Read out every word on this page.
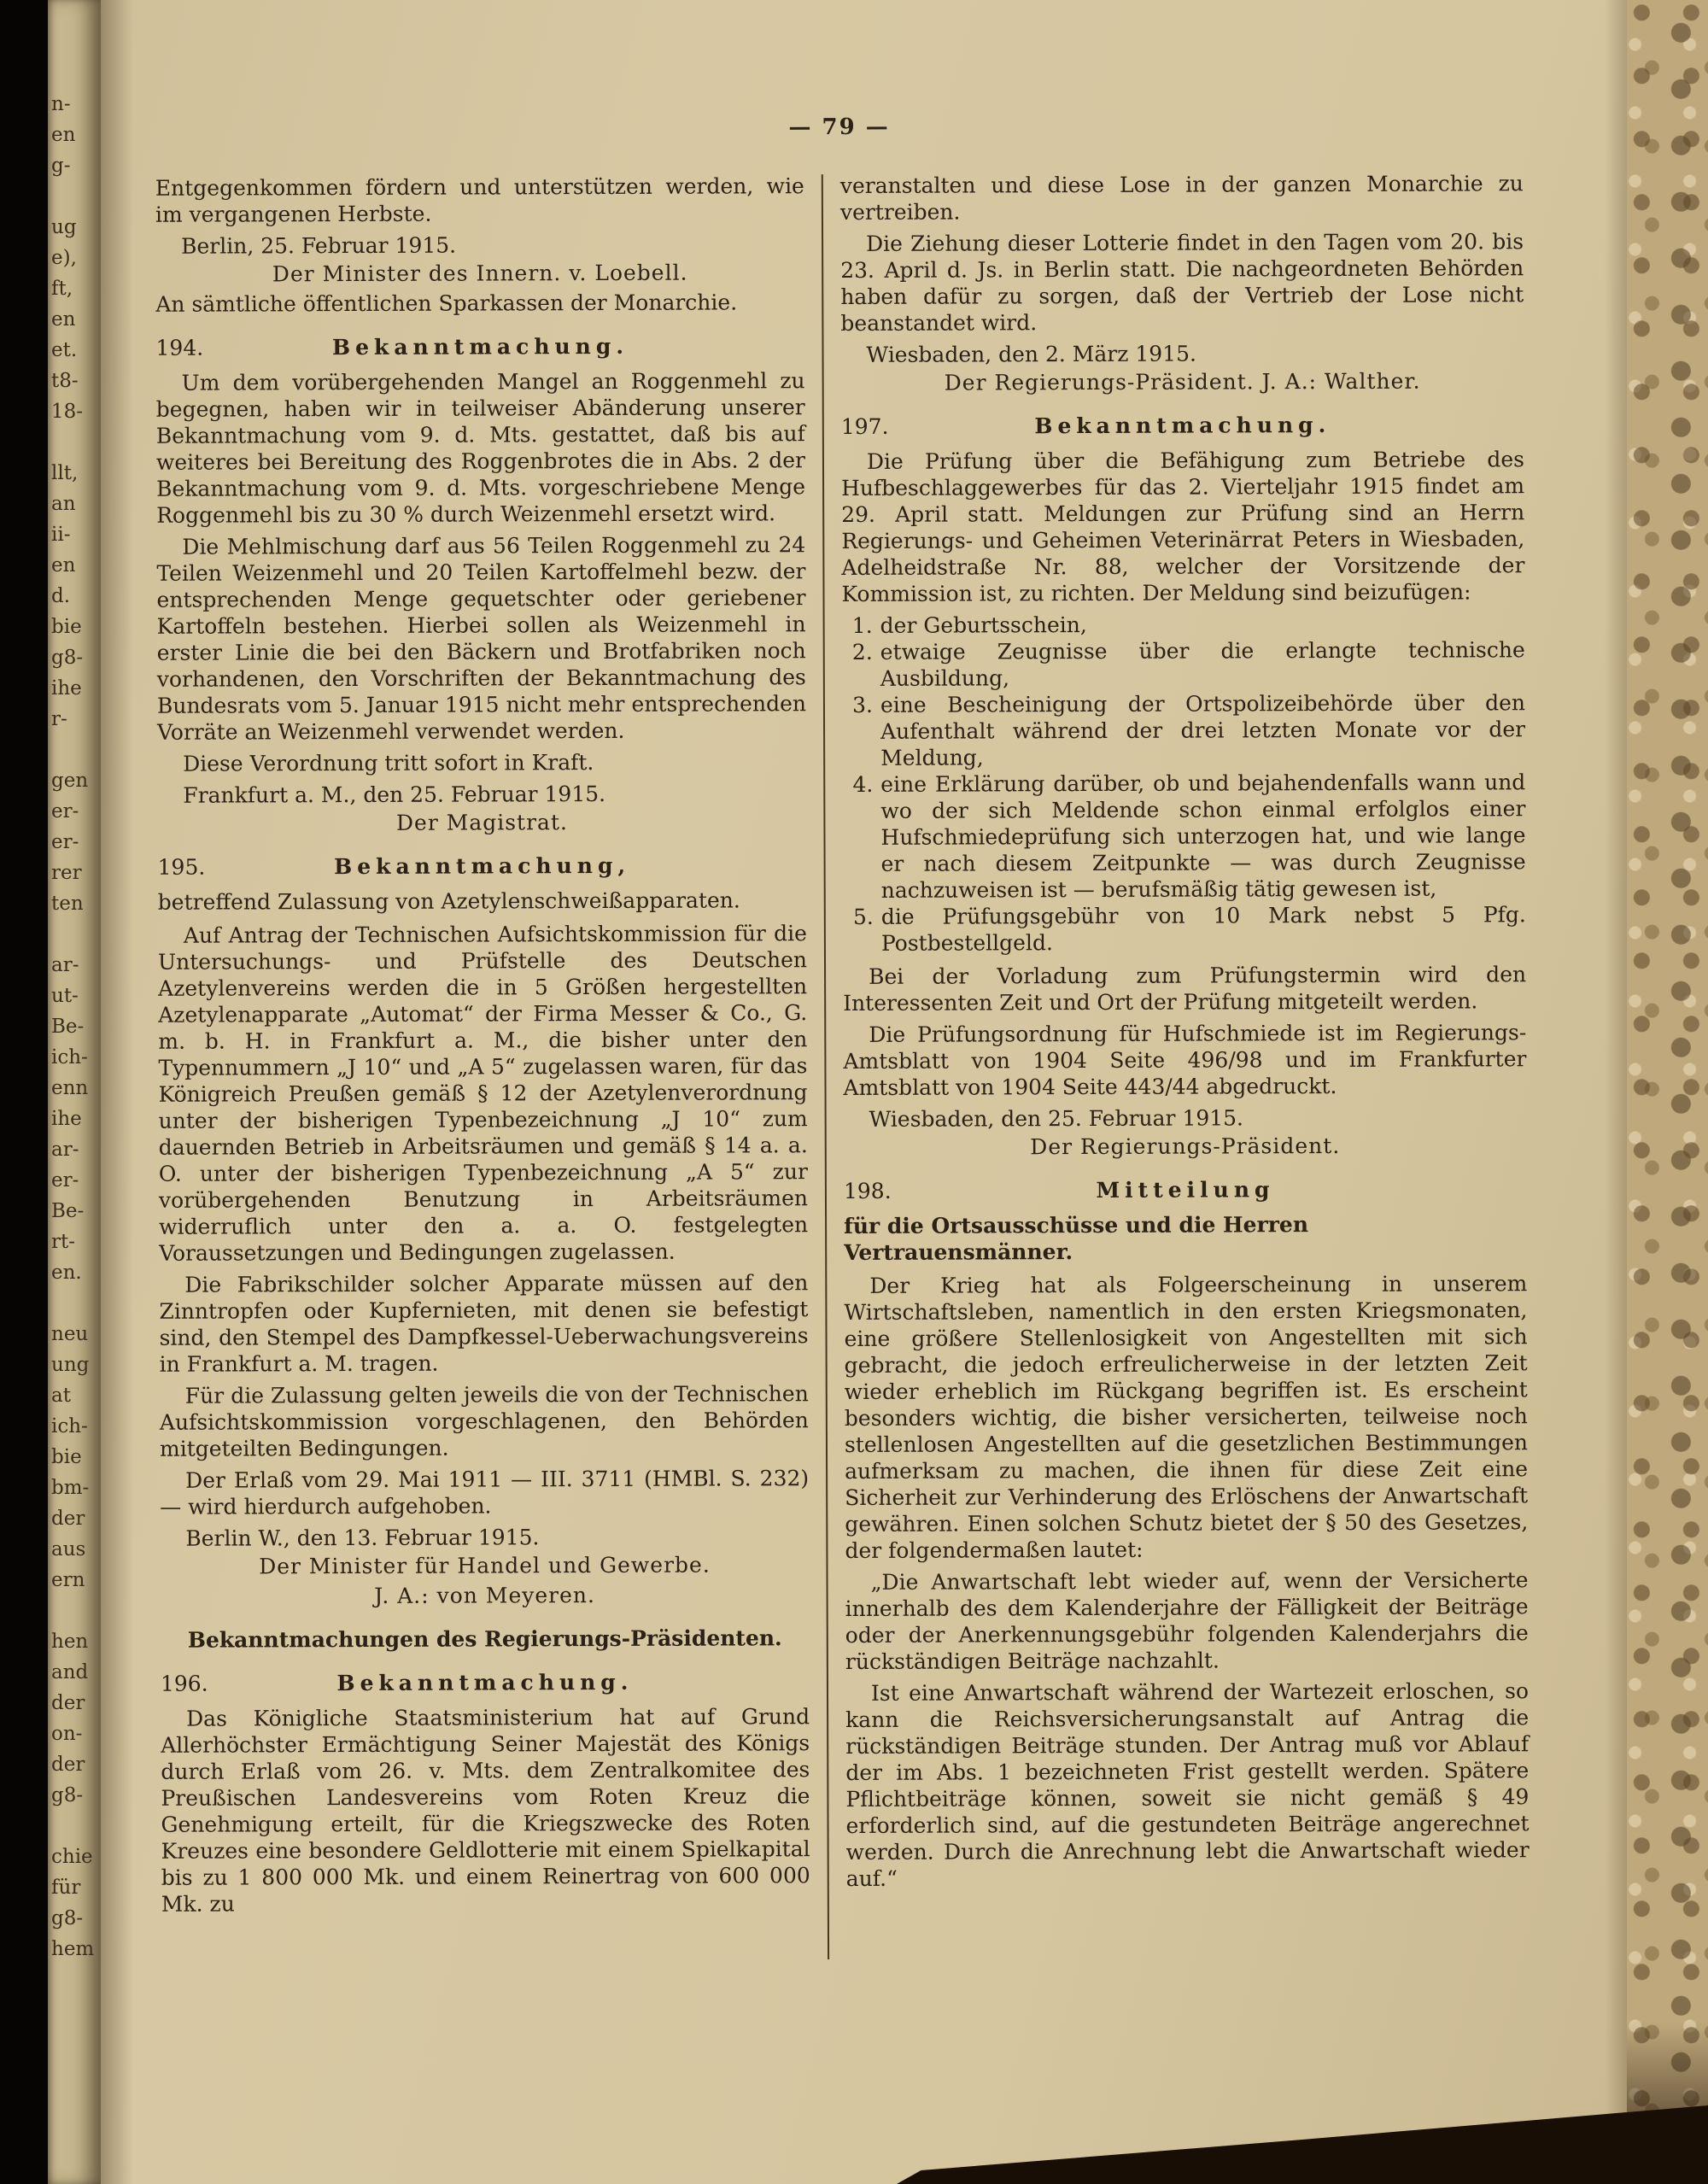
n-
en
g-
ug
e),
ft,
en
et.
t8-
18-
llt,
an
ii-
en
d.
bie
g8-
ihe
r-
gen
er-
er-
rer
ten
ar-
ut-
Be-
ich-
enn
ihe
ar-
er-
Be-
rt-
en.
neu
ung
at
ich-
bie
bm-
der
aus
ern
hen
and
der
on-
der
g8-
chie
für
g8-
hem
— 79 —

Entgegenkommen fördern und unterstützen werden, wie im vergangenen Herbste.

Berlin, 25. Februar 1915.

Der Minister des Innern. v. Loebell.

An sämtliche öffentlichen Sparkassen der Monarchie.

194.	Bekanntmachung.

Um dem vorübergehenden Mangel an Roggenmehl zu begegnen, haben wir in teilweiser Abänderung unserer Bekanntmachung vom 9. d. Mts. gestattet, daß bis auf weiteres bei Bereitung des Roggenbrotes die in Abs. 2 der Bekanntmachung vom 9. d. Mts. vorgeschriebene Menge Roggenmehl bis zu 30 % durch Weizenmehl ersetzt wird.

Die Mehlmischung darf aus 56 Teilen Roggenmehl zu 24 Teilen Weizenmehl und 20 Teilen Kartoffelmehl bezw. der entsprechenden Menge gequetschter oder geriebener Kartoffeln bestehen. Hierbei sollen als Weizenmehl in erster Linie die bei den Bäckern und Brotfabriken noch vorhandenen, den Vorschriften der Bekanntmachung des Bundesrats vom 5. Januar 1915 nicht mehr entsprechenden Vorräte an Weizenmehl verwendet werden.

Diese Verordnung tritt sofort in Kraft.

Frankfurt a. M., den 25. Februar 1915.

Der Magistrat.

195.	Bekanntmachung,

betreffend Zulassung von Azetylenschweißapparaten.

Auf Antrag der Technischen Aufsichtskommission für die Untersuchungs- und Prüfstelle des Deutschen Azetylenvereins werden die in 5 Größen hergestellten Azetylenapparate „Automat“ der Firma Messer & Co., G. m. b. H. in Frankfurt a. M., die bisher unter den Typennummern „J 10“ und „A 5“ zugelassen waren, für das Königreich Preußen gemäß § 12 der Azetylenverordnung unter der bisherigen Typenbezeichnung „J 10“ zum dauernden Betrieb in Arbeitsräumen und gemäß § 14 a. a. O. unter der bisherigen Typenbezeichnung „A 5“ zur vorübergehenden Benutzung in Arbeitsräumen widerruflich unter den a. a. O. festgelegten Voraussetzungen und Bedingungen zugelassen.

Die Fabrikschilder solcher Apparate müssen auf den Zinntropfen oder Kupfernieten, mit denen sie befestigt sind, den Stempel des Dampfkessel-Ueberwachungsvereins in Frankfurt a. M. tragen.

Für die Zulassung gelten jeweils die von der Technischen Aufsichtskommission vorgeschlagenen, den Behörden mitgeteilten Bedingungen.

Der Erlaß vom 29. Mai 1911 — III. 3711 (HMBl. S. 232) — wird hierdurch aufgehoben.

Berlin W., den 13. Februar 1915.

Der Minister für Handel und Gewerbe.

J. A.: von Meyeren.

Bekanntmachungen des Regierungs-Präsidenten.

196.	Bekanntmachung.

Das Königliche Staatsministerium hat auf Grund Allerhöchster Ermächtigung Seiner Majestät des Königs durch Erlaß vom 26. v. Mts. dem Zentralkomitee des Preußischen Landesvereins vom Roten Kreuz die Genehmigung erteilt, für die Kriegszwecke des Roten Kreuzes eine besondere Geldlotterie mit einem Spielkapital bis zu 1 800 000 Mk. und einem Reinertrag von 600 000 Mk. zu

veranstalten und diese Lose in der ganzen Monarchie zu vertreiben.

Die Ziehung dieser Lotterie findet in den Tagen vom 20. bis 23. April d. Js. in Berlin statt. Die nachgeordneten Behörden haben dafür zu sorgen, daß der Vertrieb der Lose nicht beanstandet wird.

Wiesbaden, den 2. März 1915.

Der Regierungs-Präsident. J. A.: Walther.

197.	Bekanntmachung.

Die Prüfung über die Befähigung zum Betriebe des Hufbeschlaggewerbes für das 2. Vierteljahr 1915 findet am 29. April statt. Meldungen zur Prüfung sind an Herrn Regierungs- und Geheimen Veterinärrat Peters in Wiesbaden, Adelheidstraße Nr. 88, welcher der Vorsitzende der Kommission ist, zu richten. Der Meldung sind beizufügen:

1. der Geburtsschein,
2. etwaige Zeugnisse über die erlangte technische Ausbildung,
3. eine Bescheinigung der Ortspolizeibehörde über den Aufenthalt während der drei letzten Monate vor der Meldung,
4. eine Erklärung darüber, ob und bejahendenfalls wann und wo der sich Meldende schon einmal erfolglos einer Hufschmiedeprüfung sich unterzogen hat, und wie lange er nach diesem Zeitpunkte — was durch Zeugnisse nachzuweisen ist — berufsmäßig tätig gewesen ist,
5. die Prüfungsgebühr von 10 Mark nebst 5 Pfg. Postbestellgeld.

Bei der Vorladung zum Prüfungstermin wird den Interessenten Zeit und Ort der Prüfung mitgeteilt werden.

Die Prüfungsordnung für Hufschmiede ist im Regierungs-Amtsblatt von 1904 Seite 496/98 und im Frankfurter Amtsblatt von 1904 Seite 443/44 abgedruckt.

Wiesbaden, den 25. Februar 1915.

Der Regierungs-Präsident.

198.	Mitteilung

für die Ortsausschüsse und die Herren Vertrauensmänner.

Der Krieg hat als Folgeerscheinung in unserem Wirtschaftsleben, namentlich in den ersten Kriegsmonaten, eine größere Stellenlosigkeit von Angestellten mit sich gebracht, die jedoch erfreulicherweise in der letzten Zeit wieder erheblich im Rückgang begriffen ist. Es erscheint besonders wichtig, die bisher versicherten, teilweise noch stellenlosen Angestellten auf die gesetzlichen Bestimmungen aufmerksam zu machen, die ihnen für diese Zeit eine Sicherheit zur Verhinderung des Erlöschens der Anwartschaft gewähren. Einen solchen Schutz bietet der § 50 des Gesetzes, der folgendermaßen lautet:

„Die Anwartschaft lebt wieder auf, wenn der Versicherte innerhalb des dem Kalenderjahre der Fälligkeit der Beiträge oder der Anerkennungsgebühr folgenden Kalenderjahrs die rückständigen Beiträge nachzahlt.

Ist eine Anwartschaft während der Wartezeit erloschen, so kann die Reichsversicherungsanstalt auf Antrag die rückständigen Beiträge stunden. Der Antrag muß vor Ablauf der im Abs. 1 bezeichneten Frist gestellt werden. Spätere Pflichtbeiträge können, soweit sie nicht gemäß § 49 erforderlich sind, auf die gestundeten Beiträge angerechnet werden. Durch die Anrechnung lebt die Anwartschaft wieder auf.“
